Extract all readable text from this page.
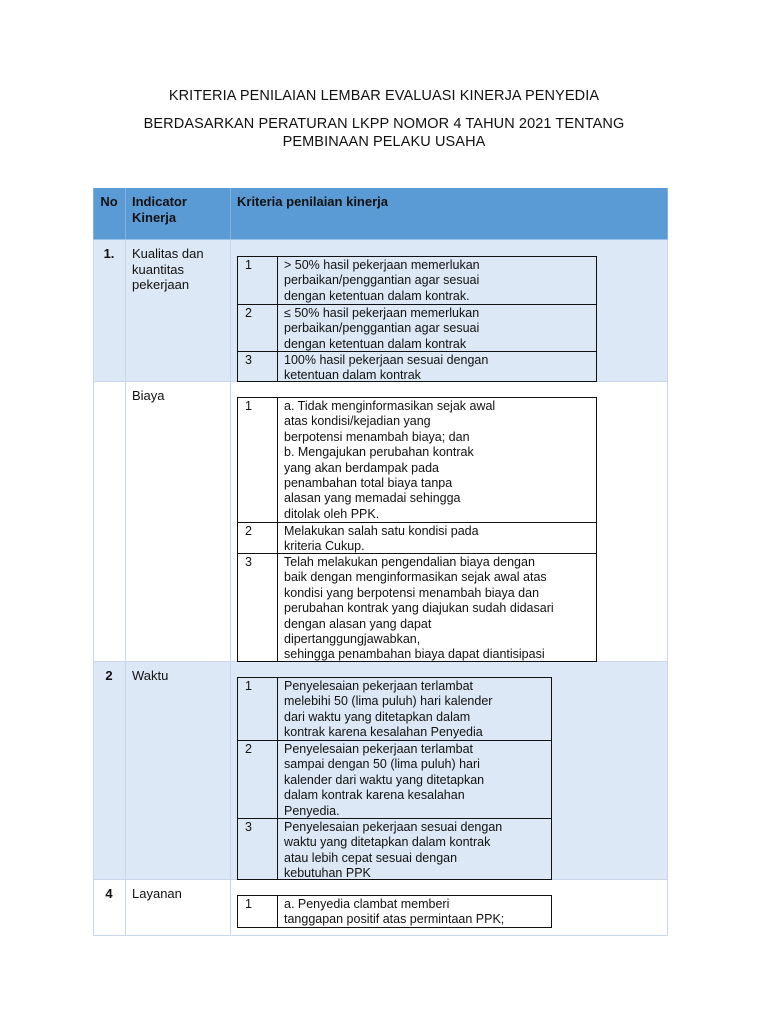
KRITERIA PENILAIAN LEMBAR EVALUASI KINERJA PENYEDIA
BERDASARKAN PERATURAN LKPP NOMOR 4 TAHUN 2021 TENTANG
PEMBINAAN PELAKU USAHA
No	Indicator
Kinerja
Kriteria penilaian kinerja
1.	Kualitas dan
kuantitas
pekerjaan
1	> 50% hasil pekerjaan memerlukan
perbaikan/penggantian agar sesuai
dengan ketentuan dalam kontrak.
2	≤ 50% hasil pekerjaan memerlukan
perbaikan/penggantian agar sesuai
dengan ketentuan dalam kontrak
3	100% hasil pekerjaan sesuai dengan
ketentuan dalam kontrak
Biaya
1	a. Tidak menginformasikan sejak awal
atas kondisi/kejadian yang
berpotensi menambah biaya; dan
b. Mengajukan perubahan kontrak
yang akan berdampak pada
penambahan total biaya tanpa
alasan yang memadai sehingga
ditolak oleh PPK.
2	Melakukan salah satu kondisi pada
kriteria Cukup.
3	Telah melakukan pengendalian biaya dengan
baik dengan menginformasikan sejak awal atas
kondisi yang berpotensi menambah biaya dan
perubahan kontrak yang diajukan sudah didasari
dengan alasan yang dapat
dipertanggungjawabkan,
sehingga penambahan biaya dapat diantisipasi
2	Waktu
1	Penyelesaian pekerjaan terlambat
melebihi 50 (lima puluh) hari kalender
dari waktu yang ditetapkan dalam
kontrak karena kesalahan Penyedia
2	Penyelesaian pekerjaan terlambat
sampai dengan 50 (lima puluh) hari
kalender dari waktu yang ditetapkan
dalam kontrak karena kesalahan
Penyedia.
3	Penyelesaian pekerjaan sesuai dengan
waktu yang ditetapkan dalam kontrak
atau lebih cepat sesuai dengan
kebutuhan PPK
4	Layanan
1	a. Penyedia clambat memberi
tanggapan positif atas permintaan PPK;
